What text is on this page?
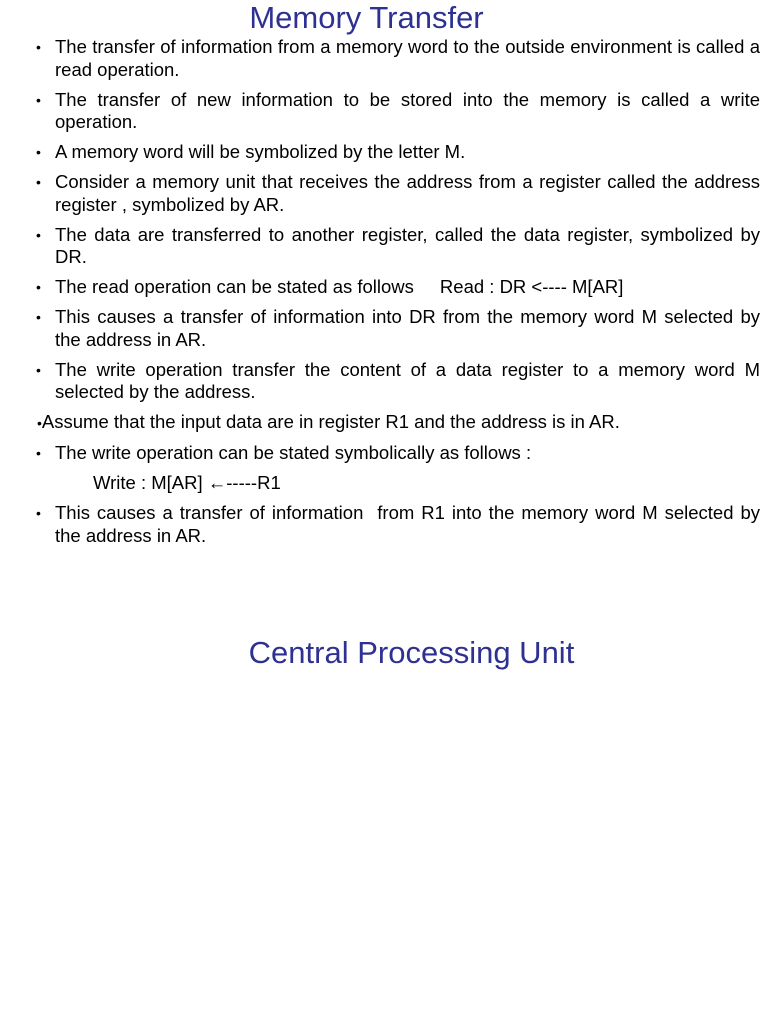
Memory Transfer
• The transfer of information from a memory word to the outside environment is called a read operation.
• The transfer of new information to be stored into the memory is called a write operation.
• A memory word will be symbolized by the letter M.
• Consider a memory unit that receives the address from a register called the address register , symbolized by AR.
• The data are transferred to another register, called the data register, symbolized by DR.
• The read operation can be stated as follows Read : DR <---- M[AR]
• This causes a transfer of information into DR from the memory word M selected by the address in AR.
• The write operation transfer the content of a data register to a memory word M selected by the address.
•Assume that the input data are in register R1 and the address is in AR.
• The write operation can be stated symbolically as follows :
Write : M[AR] ←-----R1
• This causes a transfer of information  from R1 into the memory word M selected by the address in AR.
Central Processing Unit
